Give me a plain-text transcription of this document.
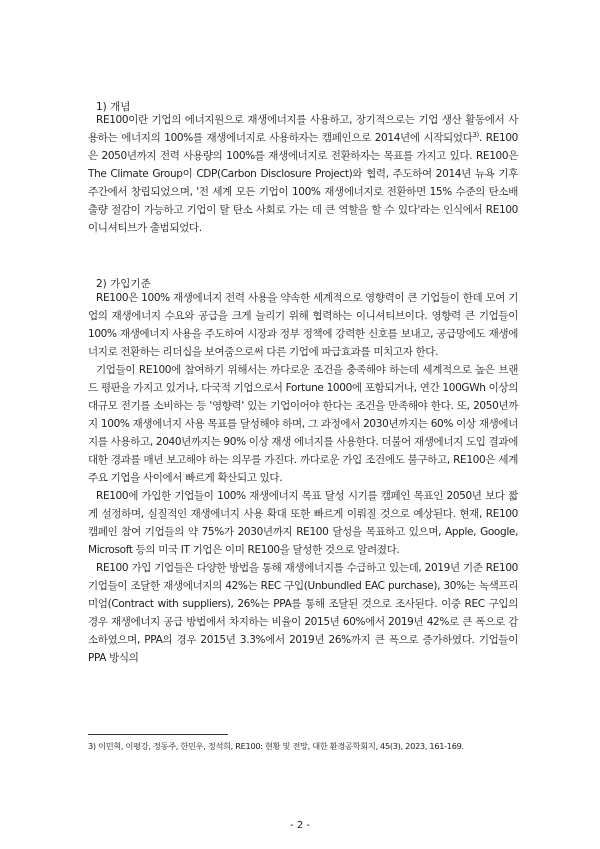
1) 개념

RE100이란 기업의 에너지원으로 재생에너지를 사용하고, 장기적으로는 기업 생산 활동에서 사용하는 에너지의 100%를 재생에너지로 사용하자는 캠페인으로 2014년에 시작되었다$^{3)}$. RE100은 2050년까지 전력 사용량의 100%를 재생에너지로 전환하자는 목표를 가지고 있다. RE100은 The Climate Group이 CDP(Carbon Disclosure Project)와 협력, 주도하여 2014년 뉴욕 기후주간에서 창립되었으며, '전 세계 모든 기업이 100% 재생에너지로 전환하면 15% 수준의 탄소배출량 절감이 가능하고 기업이 탈 탄소 사회로 가는 데 큰 역할을 할 수 있다'라는 인식에서 RE100 이니셔티브가 출범되었다.

2) 가입기준

RE100은 100% 재생에너지 전력 사용을 약속한 세계적으로 영향력이 큰 기업들이 한데 모여 기업의 재생에너지 수요와 공급을 크게 늘리기 위해 협력하는 이니셔티브이다. 영향력 큰 기업들이 100% 재생에너지 사용을 주도하여 시장과 정부 정책에 강력한 신호를 보내고, 공급망에도 재생에너지로 전환하는 리더십을 보여줌으로써 다른 기업에 파급효과를 미치고자 한다.

기업들이 RE100에 참여하기 위해서는 까다로운 조건을 충족해야 하는데 세계적으로 높은 브랜드 평판을 가지고 있거나, 다국적 기업으로서 Fortune 1000에 포함되거나, 연간 100GWh 이상의 대규모 전기를 소비하는 등 '영향력' 있는 기업이어야 한다는 조건을 만족해야 한다. 또, 2050년까지 100% 재생에너지 사용 목표를 달성해야 하며, 그 과정에서 2030년까지는 60% 이상 재생에너지를 사용하고, 2040년까지는 90% 이상 재생 에너지를 사용한다. 더불어 재생에너지 도입 결과에 대한 경과를 매년 보고해야 하는 의무를 가진다. 까다로운 가입 조건에도 불구하고, RE100은 세계 주요 기업을 사이에서 빠르게 확산되고 있다.

RE100에 가입한 기업들이 100% 재생에너지 목표 달성 시기를 캠페인 목표인 2050년 보다 짧게 설정하며, 실질적인 재생에너지 사용 확대 또한 빠르게 이뤄질 것으로 예상된다. 현재, RE100 캠페인 참여 기업들의 약 75%가 2030년까지 RE100 달성을 목표하고 있으며, Apple, Google, Microsoft 등의 미국 IT 기업은 이미 RE100을 달성한 것으로 알려졌다.

RE100 가입 기업들은 다양한 방법을 통해 재생에너지를 수급하고 있는데, 2019년 기준 RE100 기업들이 조달한 재생에너지의 42%는 REC 구입(Unbundled EAC purchase), 30%는 녹색프리미엄(Contract with suppliers), 26%는 PPA를 통해 조달된 것으로 조사된다. 이중 REC 구입의 경우 재생에너지 공급 방법에서 차지하는 비율이 2015년 60%에서 2019년 42%로 큰 폭으로 감소하였으며, PPA의 경우 2015년 3.3%에서 2019년 26%까지 큰 폭으로 증가하였다. 기업들이 PPA 방식의

3) 이민혁, 이평강, 정동주, 한민우, 정석희, RE100: 현황 및 전망, 대한 환경공학회지, 45(3), 2023, 161-169.

- 2 -
